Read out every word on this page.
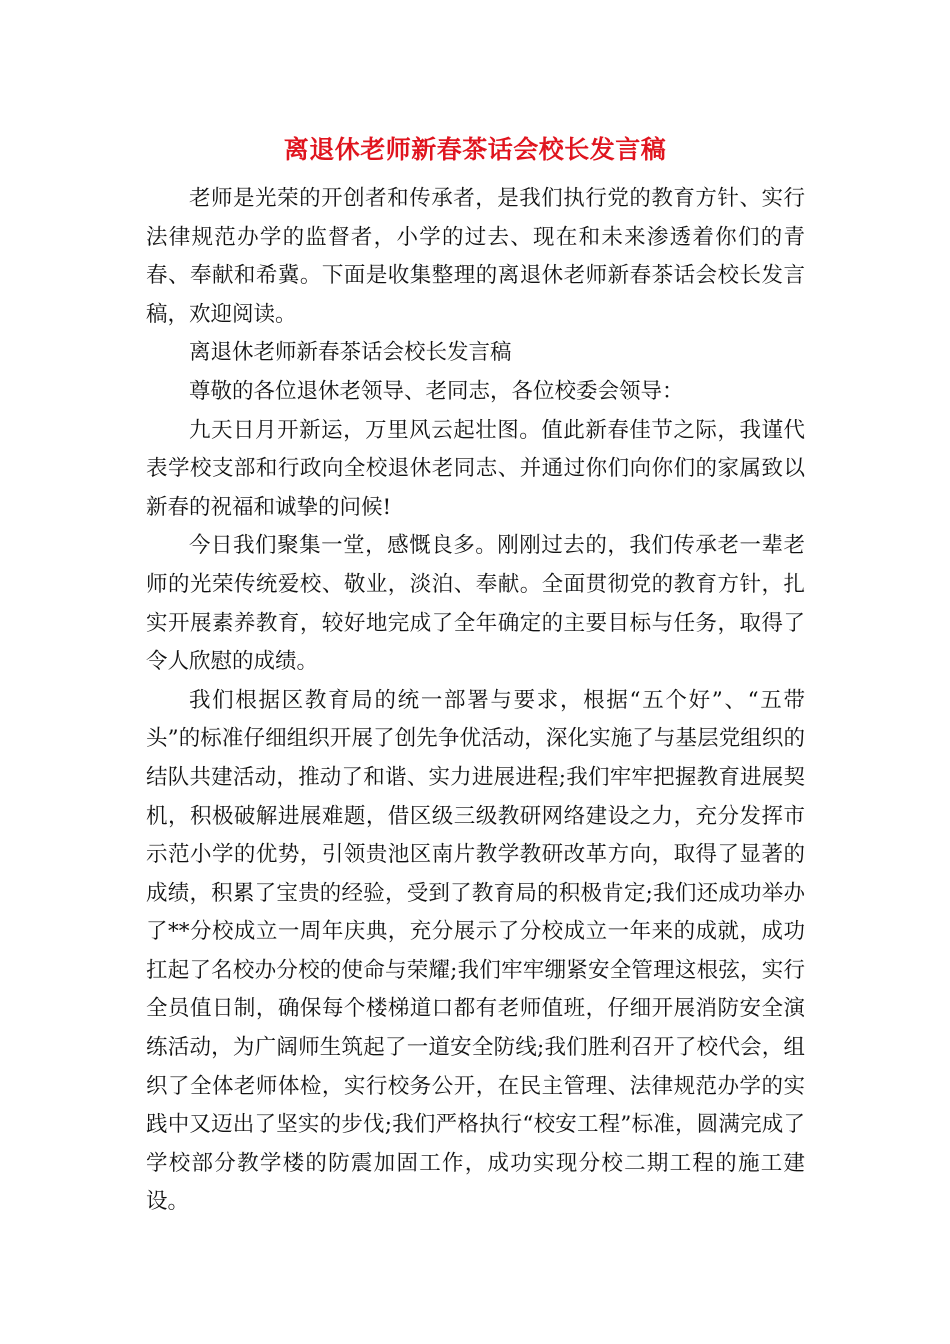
离退休老师新春茶话会校长发言稿

老师是光荣的开创者和传承者，是我们执行党的教育方针、实行法律规范办学的监督者，小学的过去、现在和未来渗透着你们的青春、奉献和希冀。下面是收集整理的离退休老师新春茶话会校长发言稿，欢迎阅读。

离退休老师新春茶话会校长发言稿

尊敬的各位退休老领导、老同志，各位校委会领导：

九天日月开新运，万里风云起壮图。值此新春佳节之际，我谨代表学校支部和行政向全校退休老同志、并通过你们向你们的家属致以新春的祝福和诚挚的问候!

今日我们聚集一堂，感慨良多。刚刚过去的，我们传承老一辈老师的光荣传统爱校、敬业，淡泊、奉献。全面贯彻党的教育方针，扎实开展素养教育，较好地完成了全年确定的主要目标与任务，取得了令人欣慰的成绩。

我们根据区教育局的统一部署与要求，根据“五个好”、“五带头”的标准仔细组织开展了创先争优活动，深化实施了与基层党组织的结队共建活动，推动了和谐、实力进展进程;我们牢牢把握教育进展契机，积极破解进展难题，借区级三级教研网络建设之力，充分发挥市示范小学的优势，引领贵池区南片教学教研改革方向，取得了显著的成绩，积累了宝贵的经验，受到了教育局的积极肯定;我们还成功举办了**分校成立一周年庆典，充分展示了分校成立一年来的成就，成功扛起了名校办分校的使命与荣耀;我们牢牢绷紧安全管理这根弦，实行全员值日制，确保每个楼梯道口都有老师值班，仔细开展消防安全演练活动，为广阔师生筑起了一道安全防线;我们胜利召开了校代会，组织了全体老师体检，实行校务公开，在民主管理、法律规范办学的实践中又迈出了坚实的步伐;我们严格执行“校安工程”标准，圆满完成了学校部分教学楼的防震加固工作，成功实现分校二期工程的施工建设。
